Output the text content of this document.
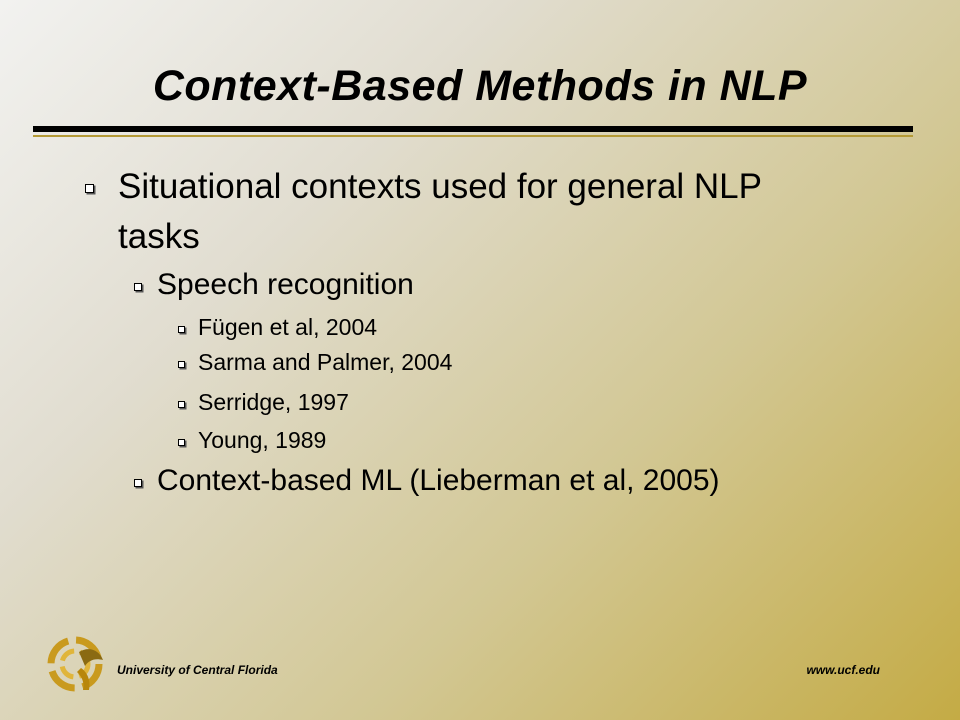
Context-Based Methods in NLP
Situational contexts used for general NLP tasks
Speech recognition
Fügen et al, 2004
Sarma and Palmer, 2004
Serridge, 1997
Young, 1989
Context-based ML (Lieberman et al, 2005)
University of Central Florida	www.ucf.edu
